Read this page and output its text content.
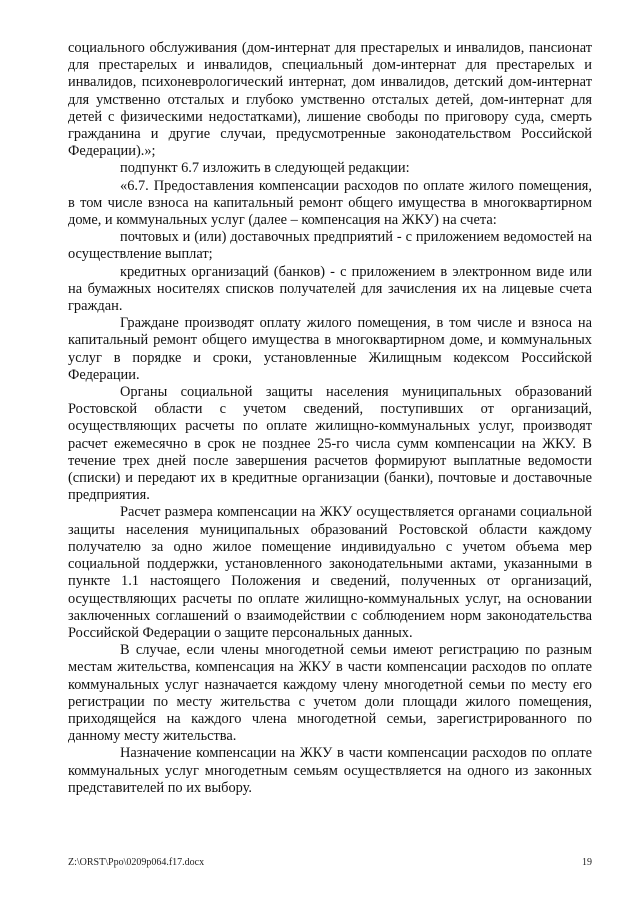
социального обслуживания (дом-интернат для престарелых и инвалидов, пансионат для престарелых и инвалидов, специальный дом-интернат для престарелых и инвалидов, психоневрологический интернат, дом инвалидов, детский дом-интернат для умственно отсталых и глубоко умственно отсталых детей, дом-интернат для детей с физическими недостатками), лишение свободы по приговору суда, смерть гражданина и другие случаи, предусмотренные законодательством Российской Федерации).»;

подпункт 6.7 изложить в следующей редакции:

«6.7. Предоставления компенсации расходов по оплате жилого помещения, в том числе взноса на капитальный ремонт общего имущества в многоквартирном доме, и коммунальных услуг (далее – компенсация на ЖКУ) на счета:

почтовых и (или) доставочных предприятий - с приложением ведомостей на осуществление выплат;

кредитных организаций (банков) - с приложением в электронном виде или на бумажных носителях списков получателей для зачисления их на лицевые счета граждан.

Граждане производят оплату жилого помещения, в том числе и взноса на капитальный ремонт общего имущества в многоквартирном доме, и коммунальных услуг в порядке и сроки, установленные Жилищным кодексом Российской Федерации.

Органы социальной защиты населения муниципальных образований Ростовской области с учетом сведений, поступивших от организаций, осуществляющих расчеты по оплате жилищно-коммунальных услуг, производят расчет ежемесячно в срок не позднее 25-го числа сумм компенсации на ЖКУ. В течение трех дней после завершения расчетов формируют выплатные ведомости (списки) и передают их в кредитные организации (банки), почтовые и доставочные предприятия.

Расчет размера компенсации на ЖКУ осуществляется органами социальной защиты населения муниципальных образований Ростовской области каждому получателю за одно жилое помещение индивидуально с учетом объема мер социальной поддержки, установленного законодательными актами, указанными в пункте 1.1 настоящего Положения и сведений, полученных от организаций, осуществляющих расчеты по оплате жилищно-коммунальных услуг, на основании заключенных соглашений о взаимодействии с соблюдением норм законодательства Российской Федерации о защите персональных данных.

В случае, если члены многодетной семьи имеют регистрацию по разным местам жительства, компенсация на ЖКУ в части компенсации расходов по оплате коммунальных услуг назначается каждому члену многодетной семьи по месту его регистрации по месту жительства с учетом доли площади жилого помещения, приходящейся на каждого члена многодетной семьи, зарегистрированного по данному месту жительства.

Назначение компенсации на ЖКУ в части компенсации расходов по оплате коммунальных услуг многодетным семьям осуществляется на одного из законных представителей по их выбору.

Z:\ORST\Ppo\0209p064.f17.docx	19
